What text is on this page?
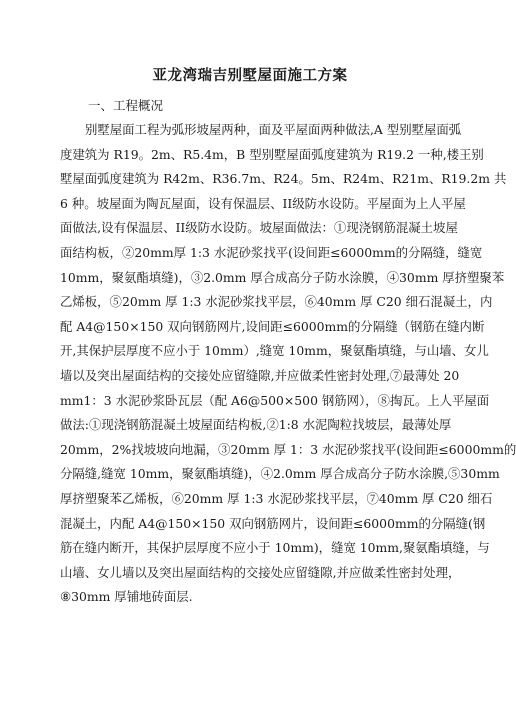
亚龙湾瑞吉别墅屋面施工方案
一、工程概况
别墅屋面工程为弧形坡屋两种，面及平屋面两种做法,A 型别墅屋面弧
度建筑为 R19。2m、R5.4m，B 型别墅屋面弧度建筑为 R19.2 一种,楼王别
墅屋面弧度建筑为 R42m、R36.7m、R24。5m、R24m、R21m、R19.2m 共
6 种。坡屋面为陶瓦屋面，设有保温层、II级防水设防。平屋面为上人平屋
面做法,设有保温层、II级防水设防。坡屋面做法：①现浇钢筋混凝土坡屋
面结构板，②20mm厚 1:3 水泥砂浆找平(设间距≤6000mm的分隔缝，缝宽
10mm，聚氨酯填缝)，③2.0mm 厚合成高分子防水涂膜，④30mm 厚挤塑聚苯
乙烯板，⑤20mm 厚 1:3 水泥砂浆找平层，⑥40mm 厚 C20 细石混凝土，内
配 A4@150×150 双向钢筋网片,设间距≤6000mm的分隔缝（钢筋在缝内断
开,其保护层厚度不应小于 10mm）,缝宽 10mm，聚氨酯填缝，与山墙、女儿
墙以及突出屋面结构的交接处应留缝隙,并应做柔性密封处理,⑦最薄处 20
mm1：3 水泥砂浆卧瓦层（配 A6@500×500 钢筋网），⑧掏瓦。上人平屋面
做法:①现浇钢筋混凝土坡屋面结构板,②1:8 水泥陶粒找坡层，最薄处厚
20mm，2%找坡坡向地漏，③20mm 厚 1：3 水泥砂浆找平(设间距≤6000mm的
分隔缝,缝宽 10mm，聚氨酯填缝)，④2.0mm 厚合成高分子防水涂膜,⑤30mm
厚挤塑聚苯乙烯板，⑥20mm 厚 1:3 水泥砂浆找平层，⑦40mm 厚 C20 细石
混凝土，内配 A4@150×150 双向钢筋网片，设间距≤6000mm的分隔缝(钢
筋在缝内断开，其保护层厚度不应小于 10mm)，缝宽 10mm,聚氨酯填缝，与
山墙、女儿墙以及突出屋面结构的交接处应留缝隙,并应做柔性密封处理，
⑧30mm 厚铺地砖面层.
